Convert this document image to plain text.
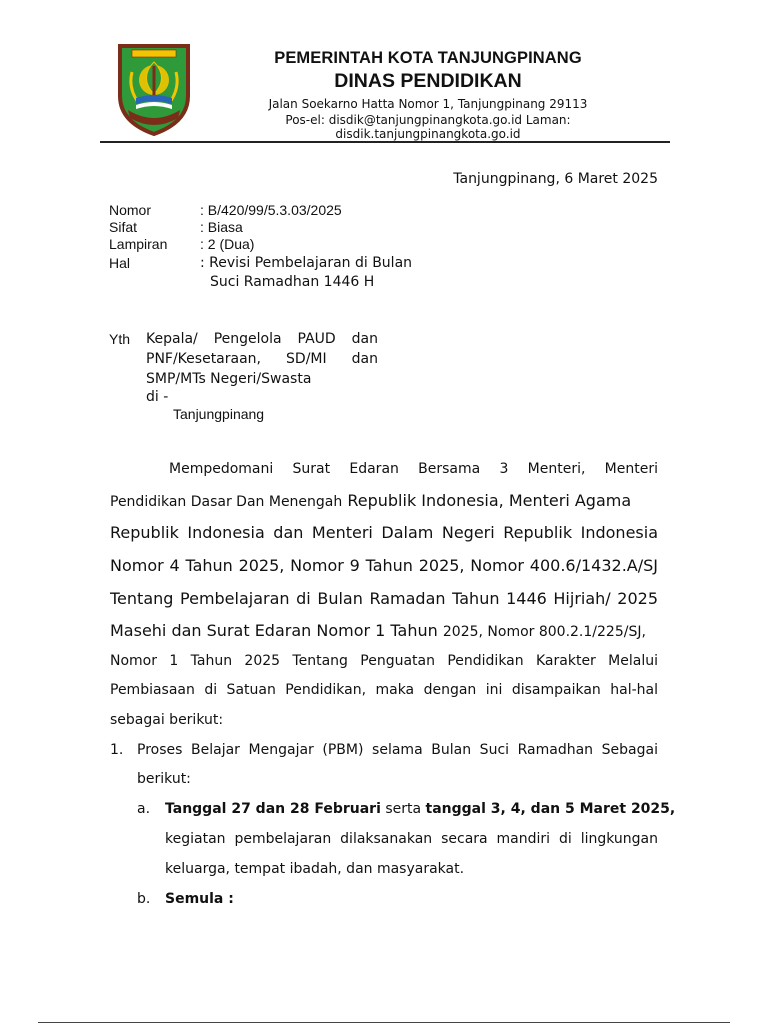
PEMERINTAH KOTA TANJUNGPINANG
DINAS PENDIDIKAN
Jalan Soekarno Hatta Nomor 1, Tanjungpinang 29113
Pos-el: disdik@tanjungpinangkota.go.id Laman: disdik.tanjungpinangkota.go.id
Tanjungpinang, 6 Maret 2025
Nomor	: B/420/99/5.3.03/2025
Sifat	: Biasa
Lampiran : 2 (Dua)
Hal	: Revisi Pembelajaran di Bulan
Suci Ramadhan 1446 H
Yth Kepala/ Pengelola PAUD dan
PNF/Kesetaraan, SD/MI dan
SMP/MTs Negeri/Swasta
di -
Tanjungpinang
Mempedomani Surat Edaran Bersama 3 Menteri, Menteri
Pendidikan Dasar Dan Menengah Republik Indonesia, Menteri Agama
Republik Indonesia dan Menteri Dalam Negeri Republik Indonesia
Nomor 4 Tahun 2025, Nomor 9 Tahun 2025, Nomor 400.6/1432.A/SJ
Tentang Pembelajaran di Bulan Ramadan Tahun 1446 Hijriah/ 2025
Masehi dan Surat Edaran Nomor 1 Tahun 2025, Nomor 800.2.1/225/SJ,
Nomor 1 Tahun 2025 Tentang Penguatan Pendidikan Karakter Melalui
Pembiasaan di Satuan Pendidikan, maka dengan ini disampaikan hal-hal
sebagai berikut:
1. Proses Belajar Mengajar (PBM) selama Bulan Suci Ramadhan Sebagai
berikut:
a. Tanggal 27 dan 28 Februari serta tanggal 3, 4, dan 5 Maret 2025,
kegiatan pembelajaran dilaksanakan secara mandiri di lingkungan
keluarga, tempat ibadah, dan masyarakat.
b. Semula :
